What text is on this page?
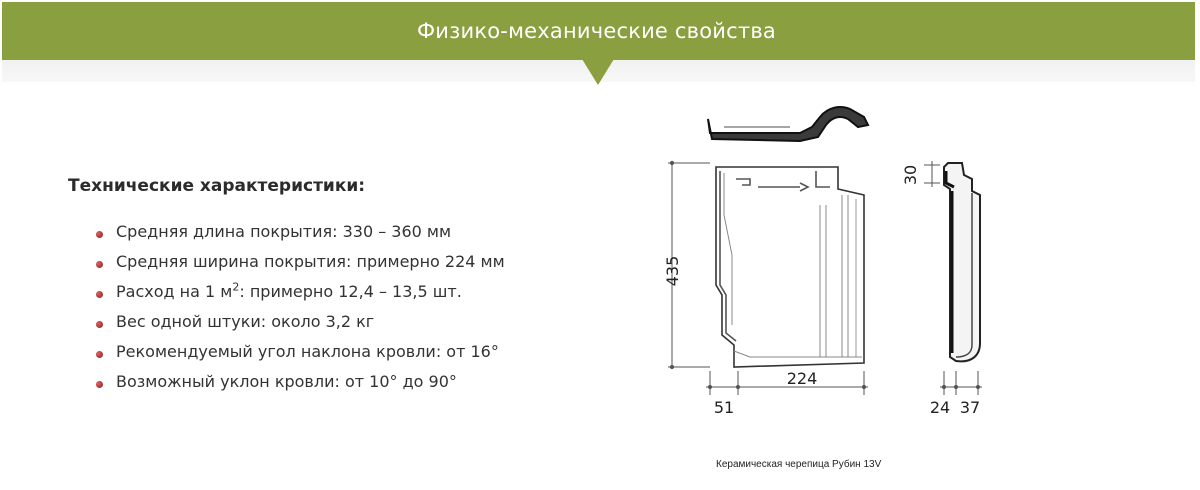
Физико-механические свойства
Технические характеристики:
Средняя длина покрытия: 330 – 360 мм
Средняя ширина покрытия: примерно 224 мм
Расход на 1 $м^2$: примерно 12,4 – 13,5 шт.
Вес одной штуки: около 3,2 кг
Рекомендуемый угол наклона кровли: от 16°
Возможный уклон кровли: от 10° до 90°
435
224
51
30
24 37
Керамическая черепица Рубин 13V
